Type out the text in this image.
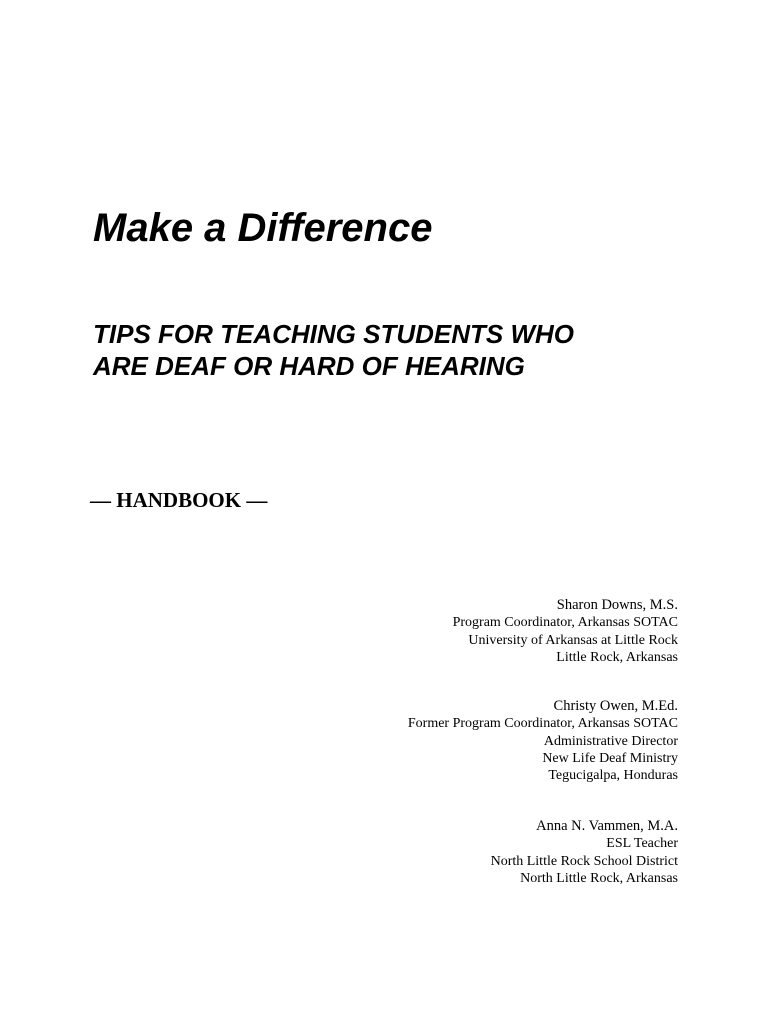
Make a Difference
TIPS FOR TEACHING STUDENTS WHO
ARE DEAF OR HARD OF HEARING
— HANDBOOK —
Sharon Downs, M.S.
Program Coordinator, Arkansas SOTAC
University of Arkansas at Little Rock
Little Rock, Arkansas
Christy Owen, M.Ed.
Former Program Coordinator, Arkansas SOTAC
Administrative Director
New Life Deaf Ministry
Tegucigalpa, Honduras
Anna N. Vammen, M.A.
ESL Teacher
North Little Rock School District
North Little Rock, Arkansas
